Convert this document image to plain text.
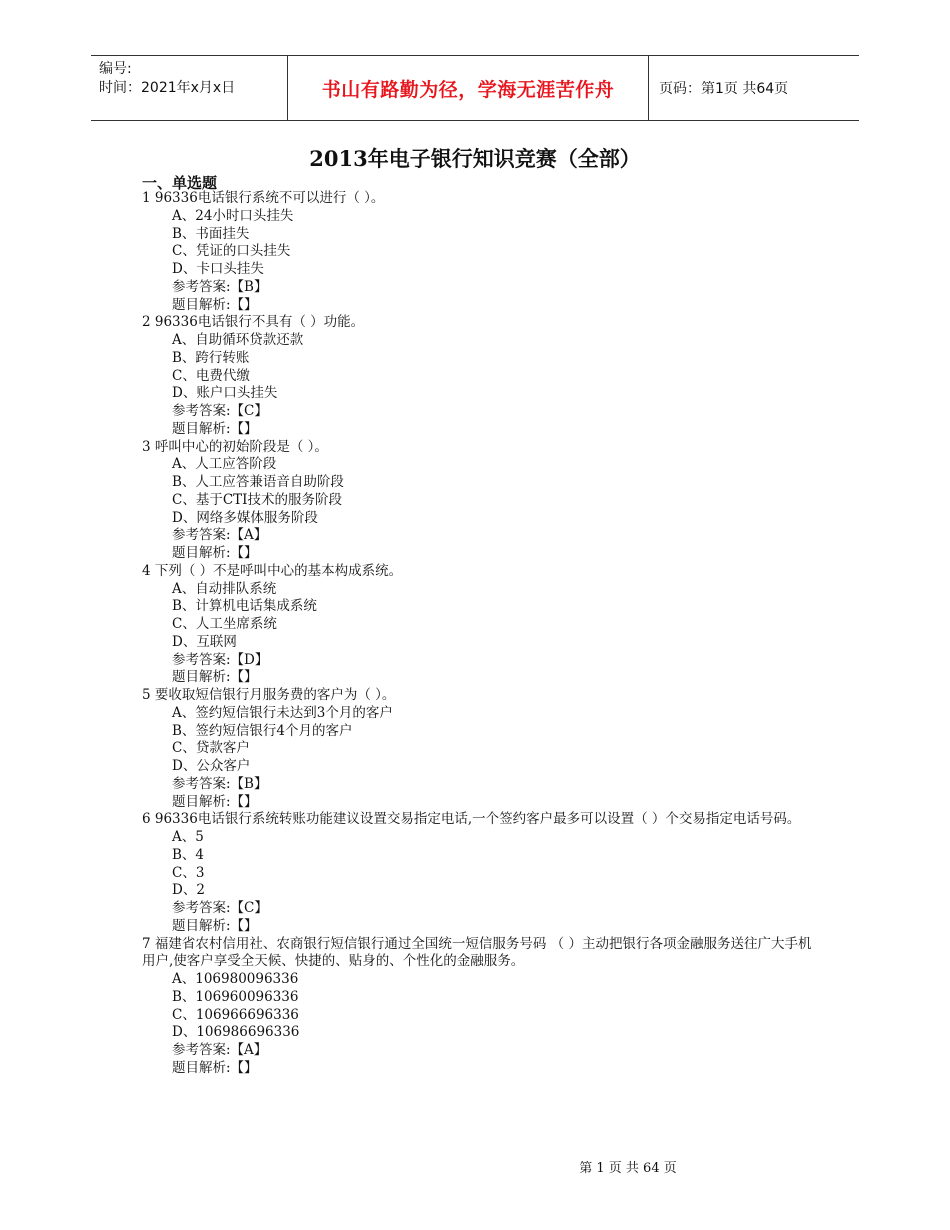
编号:
时间：2021年x月x日	书山有路勤为径，学海无涯苦作舟	页码：第1页 共64页
2013年电子银行知识竞赛（全部）
一、单选题

1 96336电话银行系统不可以进行（ ）。

A、24小时口头挂失

B、书面挂失

C、凭证的口头挂失

D、卡口头挂失

参考答案:【B】

题目解析:【】

2 96336电话银行不具有（ ）功能。

A、自助循环贷款还款

B、跨行转账

C、电费代缴

D、账户口头挂失

参考答案:【C】

题目解析:【】

3 呼叫中心的初始阶段是（ ）。

A、人工应答阶段

B、人工应答兼语音自助阶段

C、基于CTI技术的服务阶段

D、网络多媒体服务阶段

参考答案:【A】

题目解析:【】

4 下列（ ）不是呼叫中心的基本构成系统。

A、自动排队系统

B、计算机电话集成系统

C、人工坐席系统

D、互联网

参考答案:【D】

题目解析:【】

5 要收取短信银行月服务费的客户为（ ）。

A、签约短信银行未达到3个月的客户

B、签约短信银行4个月的客户

C、贷款客户

D、公众客户

参考答案:【B】

题目解析:【】

6 96336电话银行系统转账功能建议设置交易指定电话,一个签约客户最多可以设置（ ）个交易指定电话号码。

A、5

B、4

C、3

D、2

参考答案:【C】

题目解析:【】

7 福建省农村信用社、农商银行短信银行通过全国统一短信服务号码 （ ）主动把银行各项金融服务送往广大手机用户,使客户享受全天候、快捷的、贴身的、个性化的金融服务。

A、106980096336

B、106960096336

C、106966696336

D、106986696336

参考答案:【A】

题目解析:【】

第 1 页 共 64 页
